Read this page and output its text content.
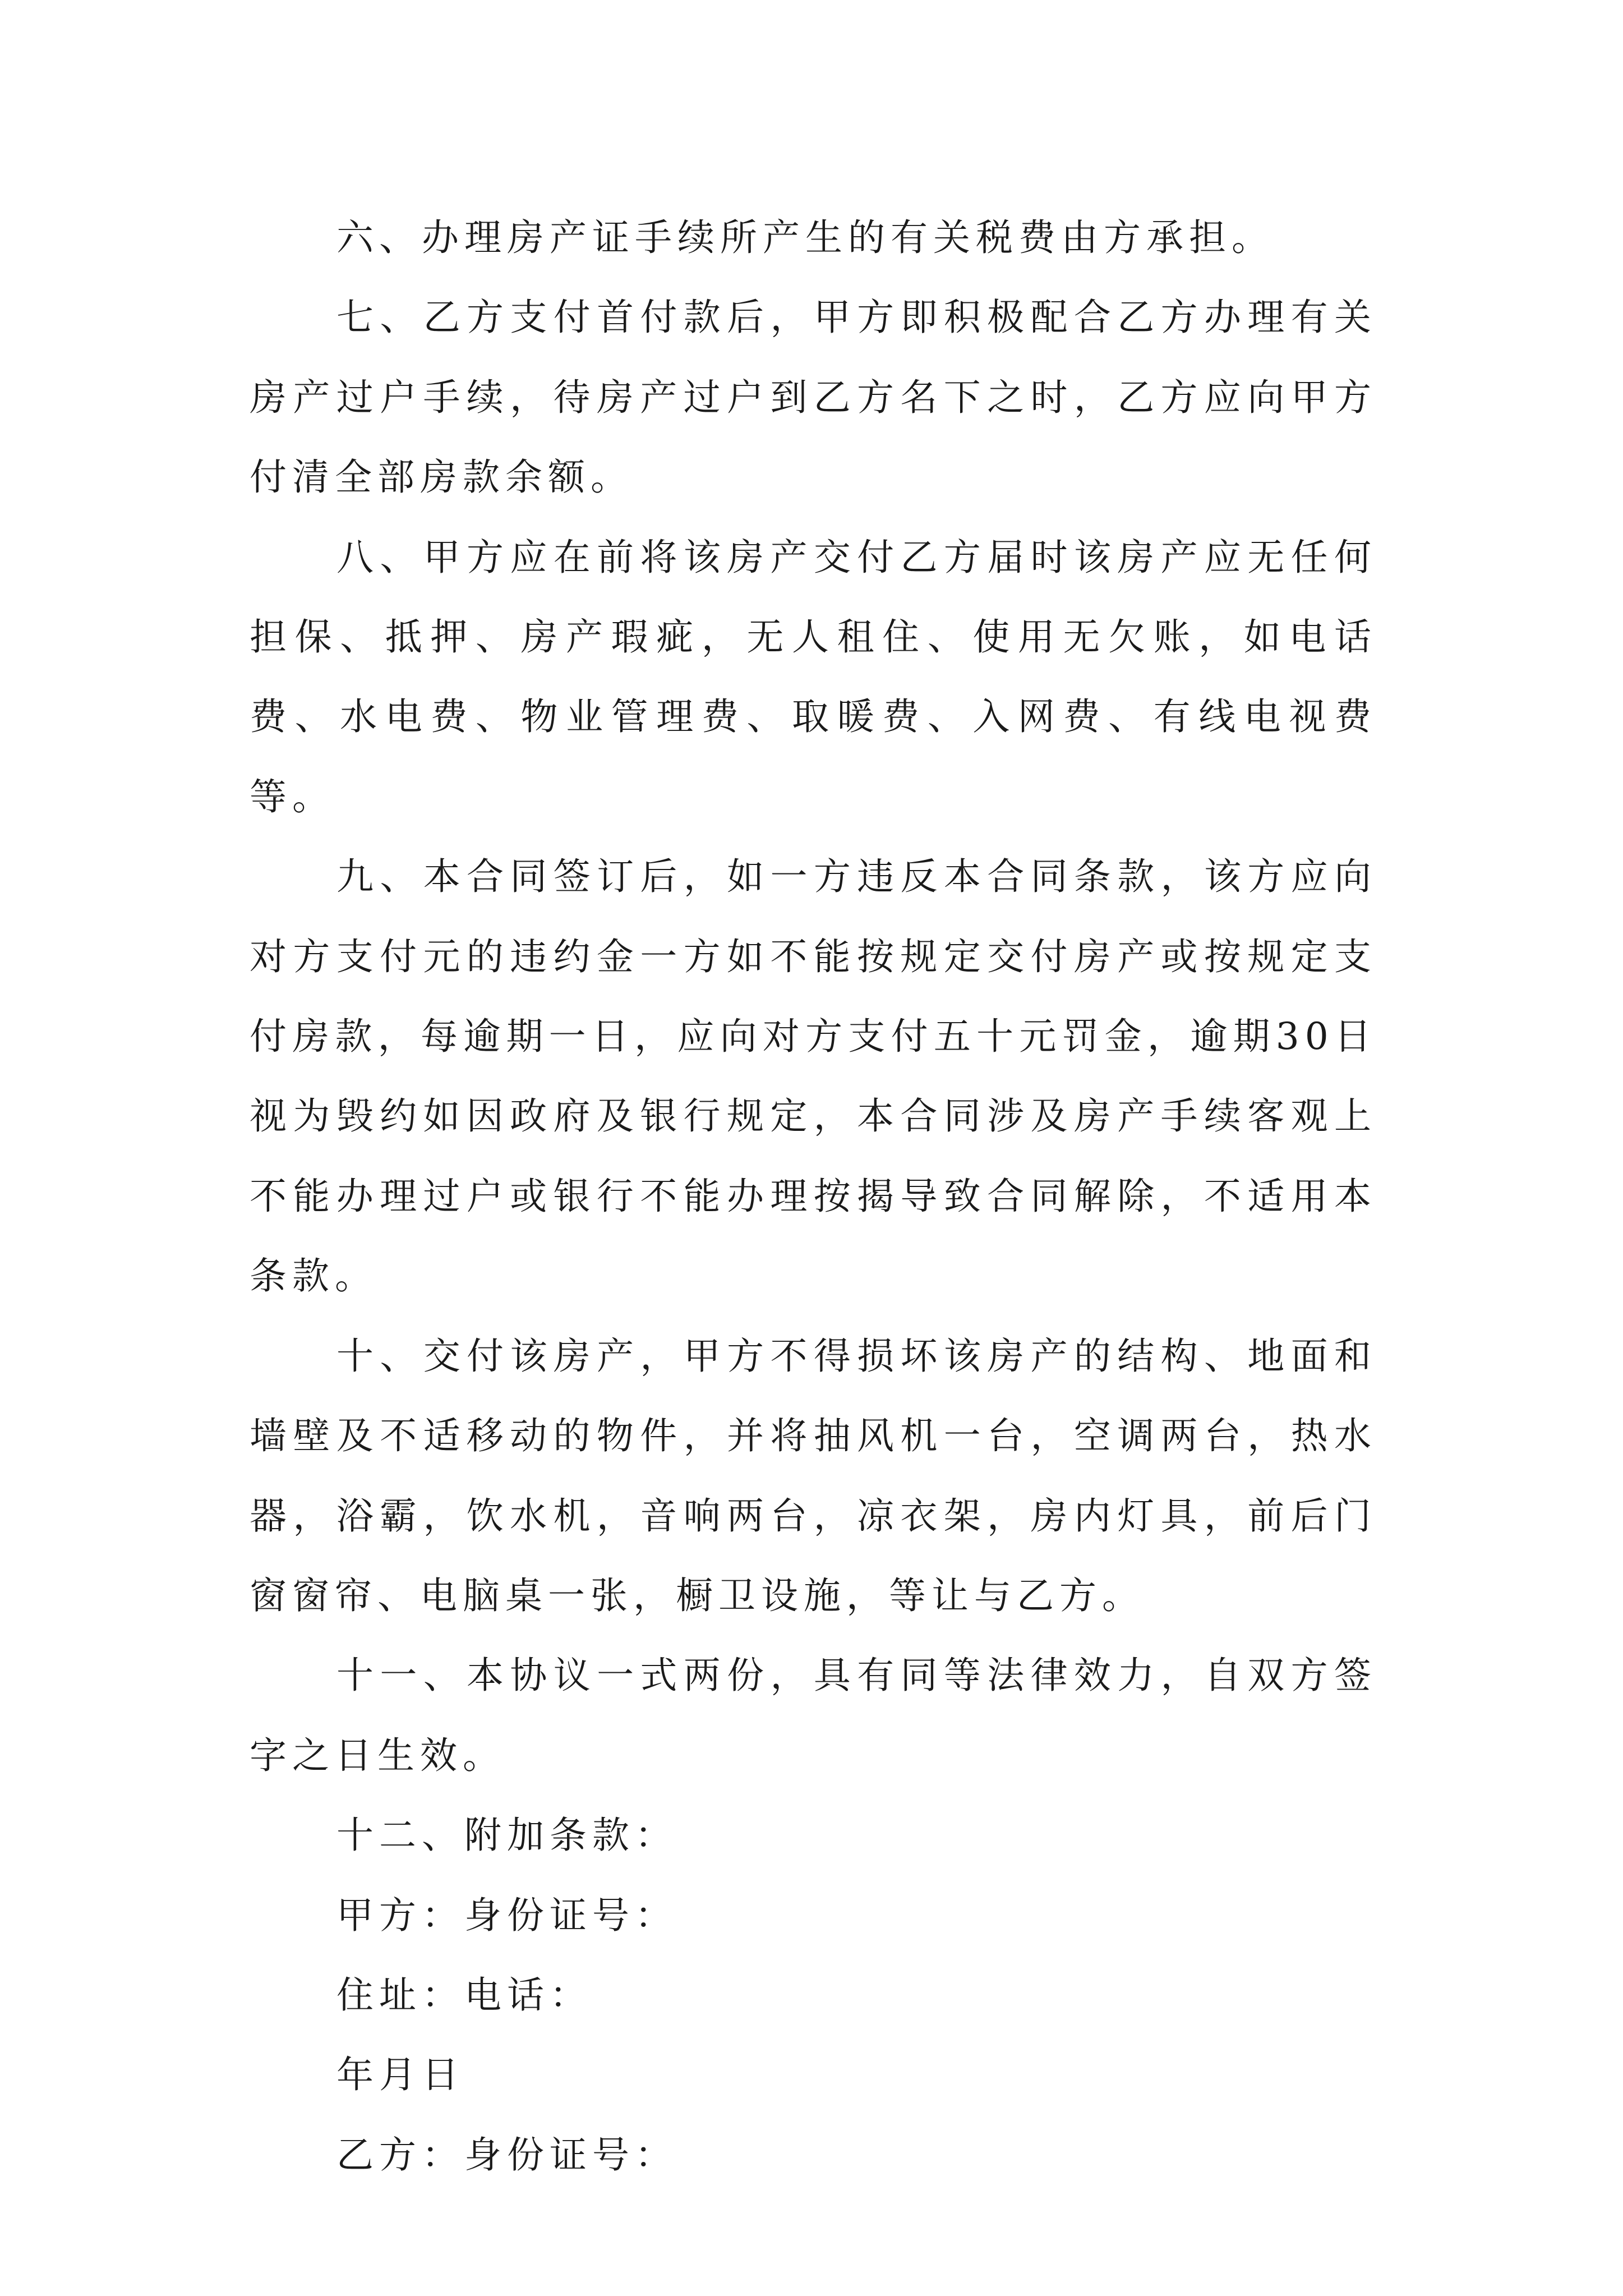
六、办理房产证手续所产生的有关税费由方承担。

七、乙方支付首付款后，甲方即积极配合乙方办理有关房产过户手续，待房产过户到乙方名下之时，乙方应向甲方付清全部房款余额。

八、甲方应在前将该房产交付乙方届时该房产应无任何担保、抵押、房产瑕疵，无人租住、使用无欠账，如电话费、水电费、物业管理费、取暖费、入网费、有线电视费等。

九、本合同签订后，如一方违反本合同条款，该方应向对方支付元的违约金一方如不能按规定交付房产或按规定支付房款，每逾期一日，应向对方支付五十元罚金，逾期30日视为毁约如因政府及银行规定，本合同涉及房产手续客观上不能办理过户或银行不能办理按揭导致合同解除，不适用本条款。

十、交付该房产，甲方不得损坏该房产的结构、地面和墙壁及不适移动的物件，并将抽风机一台，空调两台，热水器，浴霸，饮水机，音响两台，凉衣架，房内灯具，前后门窗窗帘、电脑桌一张，橱卫设施，等让与乙方。

十一、本协议一式两份，具有同等法律效力，自双方签字之日生效。

十二、附加条款：

甲方：身份证号：

住址：电话：

年月日

乙方：身份证号：
